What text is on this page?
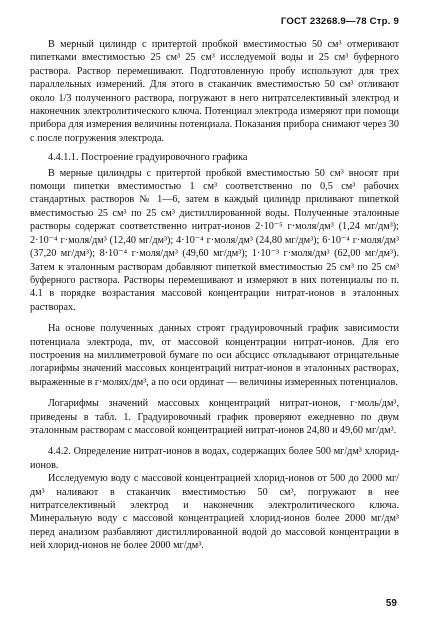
ГОСТ 23268.9—78 Стр. 9

В мерный цилиндр с притертой пробкой вместимостью 50 см³ отмеривают пипетками вместимостью 25 см³ 25 см³ исследуемой воды и 25 см³ буферного раствора. Раствор перемешивают. Подготовленную пробу используют для трех параллельных измерений. Для этого в стаканчик вместимостью 50 см³ отливают около 1/3 полученного раствора, погружают в него нитратселективный электрод и наконечник электролитического ключа. Потенциал электрода измеряют при помощи прибора для измерения величины потенциала. Показания прибора снимают через 30 с после погружения электрода.

4.4.1.1. Построение градуировочного графика

В мерные цилиндры с притертой пробкой вместимостью 50 см³ вносят при помощи пипетки вместимостью 1 см³ соответственно по 0,5 см³ рабочих стандартных растворов № 1—6, затем в каждый цилиндр приливают пипеткой вместимостью 25 см³ по 25 см³ дистиллированной воды. Полученные эталонные растворы содержат соответственно нитрат-ионов 2·10⁻⁵ г·моля/дм³ (1,24 мг/дм³); 2·10⁻⁴ г·моля/дм³ (12,40 мг/дм³); 4·10⁻⁴ г·моля/дм³ (24,80 мг/дм³); 6·10⁻⁴ г·моля/дм³ (37,20 мг/дм³); 8·10⁻⁴ г·моля/дм³ (49,60 мг/дм³); 1·10⁻³ г·моля/дм³ (62,00 мг/дм³). Затем к эталонным растворам добавляют пипеткой вместимостью 25 см³ по 25 см³ буферного раствора. Растворы перемешивают и измеряют в них потенциалы по п. 4.1 в порядке возрастания массовой концентрации нитрат-ионов в эталонных растворах.

На основе полученных данных строят градуировочный график зависимости потенциала электрода, mv, от массовой концентрации нитрат-ионов. Для его построения на миллиметровой бумаге по оси абсцисс откладывают отрицательные логарифмы значений массовых концентраций нитрат-ионов в эталонных растворах, выраженные в г·молях/дм³, а по оси ординат — величины измеренных потенциалов.

Логарифмы значений массовых концентраций нитрат-ионов, г·моль/дм³, приведены в табл. 1. Градуировочный график проверяют ежедневно по двум эталонным растворам с массовой концентрацией нитрат-ионов 24,80 и 49,60 мг/дм³.

4.4.2. Определение нитрат-ионов в водах, содержащих более 500 мг/дм³ хлорид-ионов.

Исследуемую воду с массовой концентрацией хлорид-ионов от 500 до 2000 мг/дм³ наливают в стаканчик вместимостью 50 см³, погружают в нее нитратселективный электрод и наконечник электролитического ключа. Минеральную воду с массовой концентрацией хлорид-ионов более 2000 мг/дм³ перед анализом разбавляют дистиллированной водой до массовой концентрации в ней хлорид-ионов не более 2000 мг/дм³.

59
